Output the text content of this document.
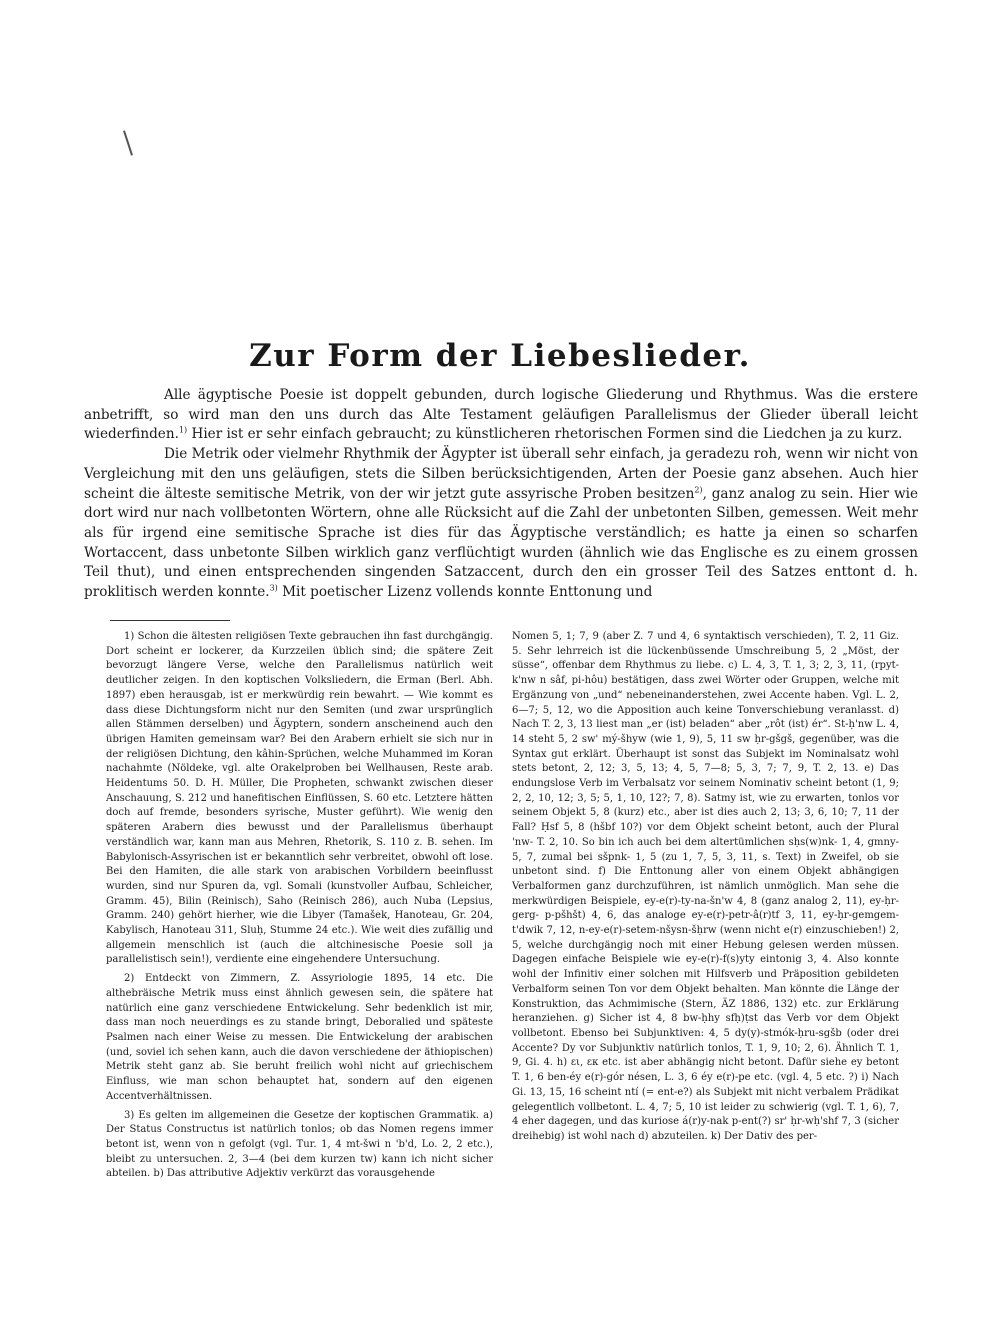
Zur Form der Liebeslieder.

Alle ägyptische Poesie ist doppelt gebunden, durch logische Gliederung und Rhythmus. Was die erstere anbetrifft, so wird man den uns durch das Alte Testament geläufigen Parallelismus der Glieder überall leicht wiederfinden.$^{1)}$ Hier ist er sehr einfach gebraucht; zu künstlicheren rhetorischen Formen sind die Liedchen ja zu kurz.

Die Metrik oder vielmehr Rhythmik der Ägypter ist überall sehr einfach, ja geradezu roh, wenn wir nicht von Vergleichung mit den uns geläufigen, stets die Silben berücksichtigenden, Arten der Poesie ganz absehen. Auch hier scheint die älteste semitische Metrik, von der wir jetzt gute assyrische Proben besitzen$^{2)}$, ganz analog zu sein. Hier wie dort wird nur nach vollbetonten Wörtern, ohne alle Rücksicht auf die Zahl der unbetonten Silben, gemessen. Weit mehr als für irgend eine semitische Sprache ist dies für das Ägyptische verständlich; es hatte ja einen so scharfen Wortaccent, dass unbetonte Silben wirklich ganz verflüchtigt wurden (ähnlich wie das Englische es zu einem grossen Teil thut), und einen entsprechenden singenden Satzaccent, durch den ein grosser Teil des Satzes enttont d. h. proklitisch werden konnte.$^{3)}$ Mit poetischer Lizenz vollends konnte Enttonung und

1) Schon die ältesten religiösen Texte gebrauchen ihn fast durchgängig. Dort scheint er lockerer, da Kurzzeilen üblich sind; die spätere Zeit bevorzugt längere Verse, welche den Parallelismus natürlich weit deutlicher zeigen. In den koptischen Volksliedern, die Erman (Berl. Abh. 1897) eben herausgab, ist er merkwürdig rein bewahrt. — Wie kommt es dass diese Dichtungsform nicht nur den Semiten (und zwar ursprünglich allen Stämmen derselben) und Ägyptern, sondern anscheinend auch den übrigen Hamiten gemeinsam war? Bei den Arabern erhielt sie sich nur in der religiösen Dichtung, den kâhin-Sprüchen, welche Muhammed im Koran nachahmte (Nöldeke, vgl. alte Orakelproben bei Wellhausen, Reste arab. Heidentums 50. D. H. Müller, Die Propheten, schwankt zwischen dieser Anschauung, S. 212 und hanefitischen Einflüssen, S. 60 etc. Letztere hätten doch auf fremde, besonders syrische, Muster geführt). Wie wenig den späteren Arabern dies bewusst und der Parallelismus überhaupt verständlich war, kann man aus Mehren, Rhetorik, S. 110 z. B. sehen. Im Babylonisch-Assyrischen ist er bekanntlich sehr verbreitet, obwohl oft lose. Bei den Hamiten, die alle stark von arabischen Vorbildern beeinflusst wurden, sind nur Spuren da, vgl. Somali (kunstvoller Aufbau, Schleicher, Gramm. 45), Bilin (Reinisch), Saho (Reinisch 286), auch Nuba (Lepsius, Gramm. 240) gehört hierher, wie die Libyer (Tamašek, Hanoteau, Gr. 204, Kabylisch, Hanoteau 311, Sluḥ, Stumme 24 etc.). Wie weit dies zufällig und allgemein menschlich ist (auch die altchinesische Poesie soll ja parallelistisch sein!), verdiente eine eingehendere Untersuchung.

2) Entdeckt von Zimmern, Z. Assyriologie 1895, 14 etc. Die althebräische Metrik muss einst ähnlich gewesen sein, die spätere hat natürlich eine ganz verschiedene Entwickelung. Sehr bedenklich ist mir, dass man noch neuerdings es zu stande bringt, Deboralied und späteste Psalmen nach einer Weise zu messen. Die Entwickelung der arabischen (und, soviel ich sehen kann, auch die davon verschiedene der äthiopischen) Metrik steht ganz ab. Sie beruht freilich wohl nicht auf griechischem Einfluss, wie man schon behauptet hat, sondern auf den eigenen Accentverhältnissen.

3) Es gelten im allgemeinen die Gesetze der koptischen Grammatik. a) Der Status Constructus ist natürlich tonlos; ob das Nomen regens immer betont ist, wenn von n gefolgt (vgl. Tur. 1, 4 mt-šwi n 'b'd, Lo. 2, 2 etc.), bleibt zu untersuchen. 2, 3—4 (bei dem kurzen tw) kann ich nicht sicher abteilen. b) Das attributive Adjektiv verkürzt das vorausgehende

Nomen 5, 1; 7, 9 (aber Z. 7 und 4, 6 syntaktisch verschieden), T. 2, 11 Giz. 5. Sehr lehrreich ist die lückenbüssende Umschreibung 5, 2 „Möst, der süsse“, offenbar dem Rhythmus zu liebe. c) L. 4, 3, T. 1, 3; 2, 3, 11, (rpyt-k'nw n sâf, pi-hôu) bestätigen, dass zwei Wörter oder Gruppen, welche mit Ergänzung von „und“ nebeneinanderstehen, zwei Accente haben. Vgl. L. 2, 6—7; 5, 12, wo die Apposition auch keine Tonverschiebung veranlasst. d) Nach T. 2, 3, 13 liest man „er (ist) beladen“ aber „rôt (ist) ér“. St-ḥ'nw L. 4, 14 steht 5, 2 sw' mý-šhyw (wie 1, 9), 5, 11 sw ḥr-gšgš, gegenüber, was die Syntax gut erklärt. Überhaupt ist sonst das Subjekt im Nominalsatz wohl stets betont, 2, 12; 3, 5, 13; 4, 5, 7—8; 5, 3, 7; 7, 9, T. 2, 13. e) Das endungslose Verb im Verbalsatz vor seinem Nominativ scheint betont (1, 9; 2, 2, 10, 12; 3, 5; 5, 1, 10, 12?; 7, 8). Satmy ist, wie zu erwarten, tonlos vor seinem Objekt 5, 8 (kurz) etc., aber ist dies auch 2, 13; 3, 6, 10; 7, 11 der Fall? Ḥsf 5, 8 (hšbf 10?) vor dem Objekt scheint betont, auch der Plural 'nw- T. 2, 10. So bin ich auch bei dem altertümlichen sḥs(w)nk- 1, 4, gmny- 5, 7, zumal bei sšpnk- 1, 5 (zu 1, 7, 5, 3, 11, s. Text) in Zweifel, ob sie unbetont sind. f) Die Enttonung aller von einem Objekt abhängigen Verbalformen ganz durchzuführen, ist nämlich unmöglich. Man sehe die merkwürdigen Beispiele, ey-e(r)-ty-na-šn'w 4, 8 (ganz analog 2, 11), ey-ḥr-gerg- p-pšhšt) 4, 6, das analoge ey-e(r)-petr-â(r)tf 3, 11, ey-ḥr-gemgem-t'dwik 7, 12, n-ey-e(r)-setem-nšysn-šḥrw (wenn nicht e(r) einzuschieben!) 2, 5, welche durchgängig noch mit einer Hebung gelesen werden müssen. Dagegen einfache Beispiele wie ey-e(r)-f(s)yty eintonig 3, 4. Also konnte wohl der Infinitiv einer solchen mit Hilfsverb und Präposition gebildeten Verbalform seinen Ton vor dem Objekt behalten. Man könnte die Länge der Konstruktion, das Achmimische (Stern, ÄZ 1886, 132) etc. zur Erklärung heranziehen. g) Sicher ist 4, 8 bw-ḥhy sfḥ)ṭst das Verb vor dem Objekt vollbetont. Ebenso bei Subjunktiven: 4, 5 dy(y)-stmók-ḥru-sgšb (oder drei Accente? Dy vor Subjunktiv natürlich tonlos, T. 1, 9, 10; 2, 6). Ähnlich T. 1, 9, Gi. 4. h) ει, εκ etc. ist aber abhängig nicht betont. Dafür siehe ey betont T. 1, 6 ben-éy e(r)-gór nésen, L. 3, 6 éy e(r)-pe etc. (vgl. 4, 5 etc. ?) i) Nach Gi. 13, 15, 16 scheint ntí (= ent-e?) als Subjekt mit nicht verbalem Prädikat gelegentlich vollbetont. L. 4, 7; 5, 10 ist leider zu schwierig (vgl. T. 1, 6), 7, 4 eher dagegen, und das kuriose á(r)y-nak p-ent(?) sr' ḥr-wḥ'shf 7, 3 (sicher dreihebig) ist wohl nach d) abzuteilen. k) Der Dativ des per-
